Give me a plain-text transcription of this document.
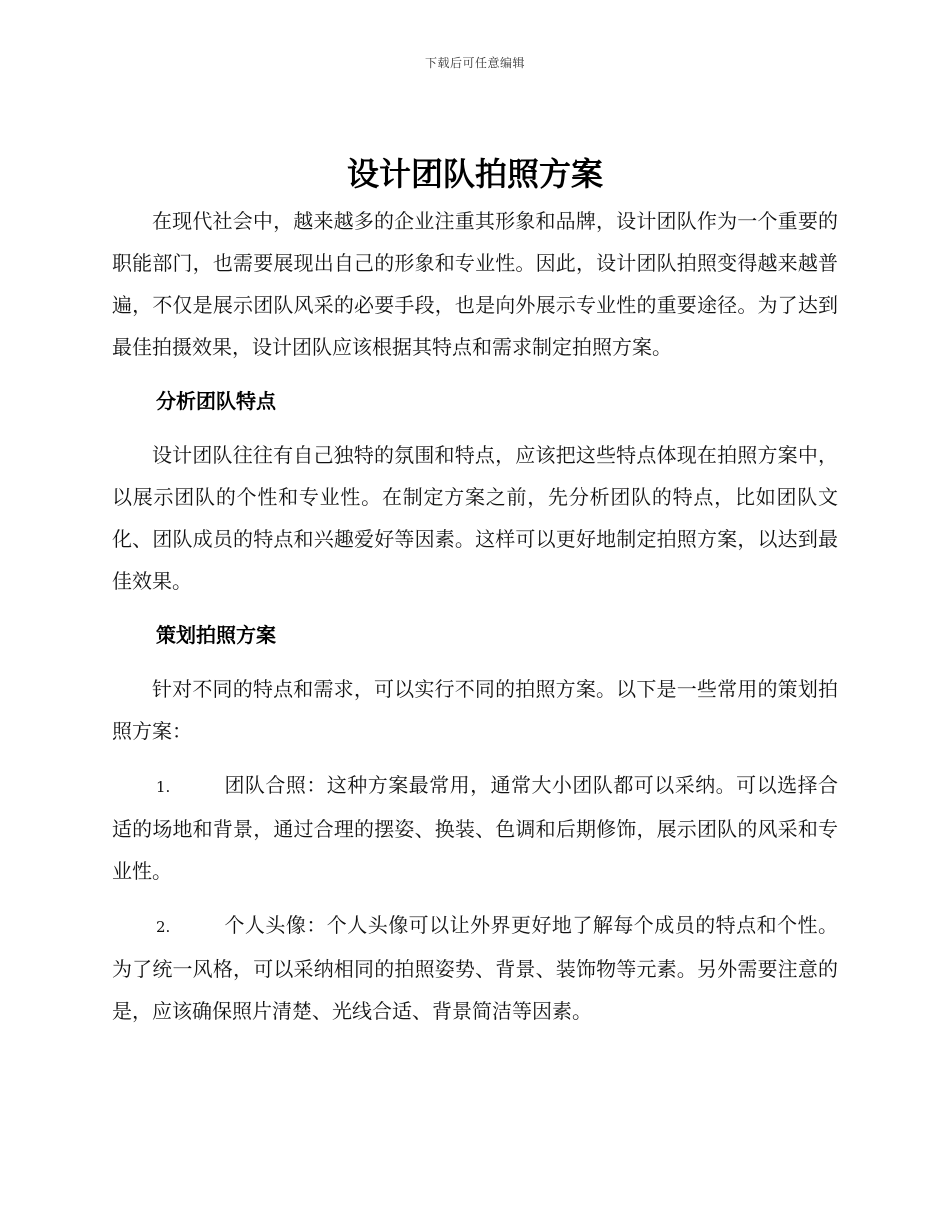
下载后可任意编辑
设计团队拍照方案

在现代社会中，越来越多的企业注重其形象和品牌，设计团队作为一个重要的职能部门，也需要展现出自己的形象和专业性。因此，设计团队拍照变得越来越普遍，不仅是展示团队风采的必要手段，也是向外展示专业性的重要途径。为了达到最佳拍摄效果，设计团队应该根据其特点和需求制定拍照方案。

分析团队特点

设计团队往往有自己独特的氛围和特点，应该把这些特点体现在拍照方案中，以展示团队的个性和专业性。在制定方案之前，先分析团队的特点，比如团队文化、团队成员的特点和兴趣爱好等因素。这样可以更好地制定拍照方案，以达到最佳效果。

策划拍照方案

针对不同的特点和需求，可以实行不同的拍照方案。以下是一些常用的策划拍照方案：

1.	团队合照：这种方案最常用，通常大小团队都可以采纳。可以选择合适的场地和背景，通过合理的摆姿、换装、色调和后期修饰，展示团队的风采和专业性。

2.	个人头像：个人头像可以让外界更好地了解每个成员的特点和个性。为了统一风格，可以采纳相同的拍照姿势、背景、装饰物等元素。另外需要注意的是，应该确保照片清楚、光线合适、背景简洁等因素。
